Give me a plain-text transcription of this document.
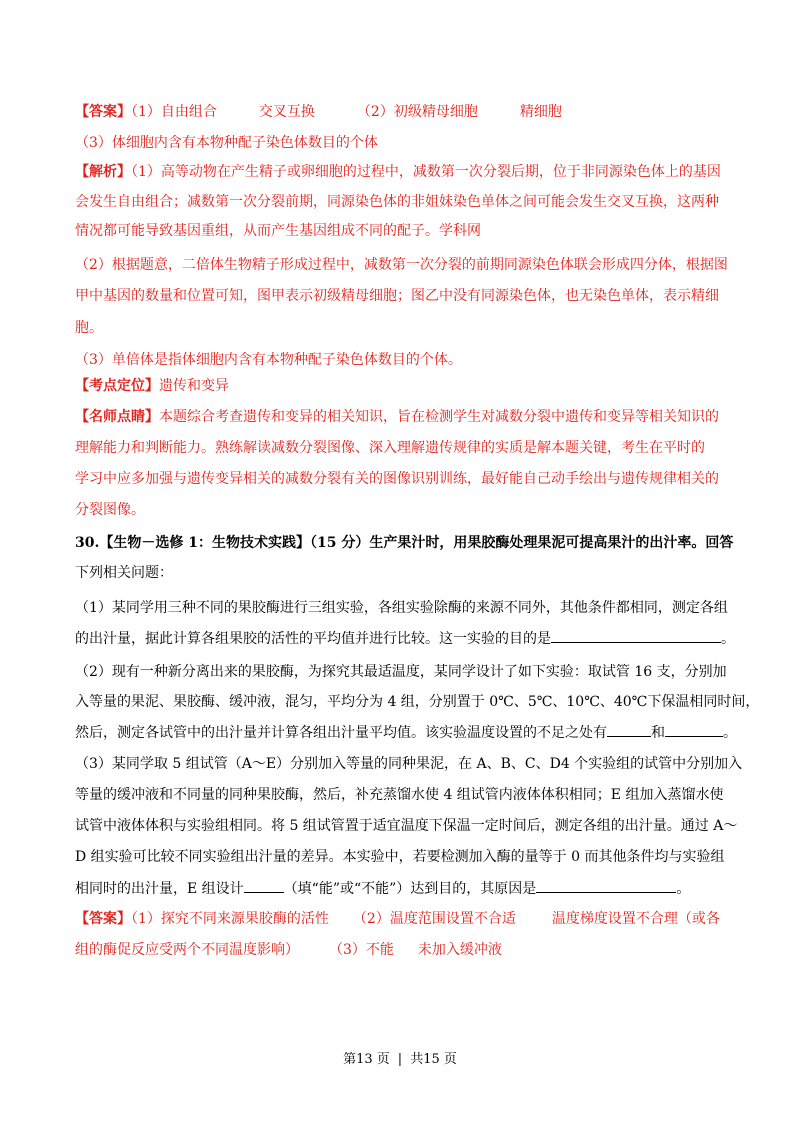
【答案】（1）自由组合	交叉互换	（2）初级精母细胞	精细胞
（3）体细胞内含有本物种配子染色体数目的个体
【解析】（1）高等动物在产生精子或卵细胞的过程中，减数第一次分裂后期，位于非同源染色体上的基因
会发生自由组合；减数第一次分裂前期，同源染色体的非姐妹染色单体之间可能会发生交叉互换，这两种
情况都可能导致基因重组，从而产生基因组成不同的配子。学科网
（2）根据题意，二倍体生物精子形成过程中，减数第一次分裂的前期同源染色体联会形成四分体，根据图
甲中基因的数量和位置可知，图甲表示初级精母细胞；图乙中没有同源染色体，也无染色单体，表示精细
胞。
（3）单倍体是指体细胞内含有本物种配子染色体数目的个体。
【考点定位】遗传和变异
【名师点睛】本题综合考查遗传和变异的相关知识，旨在检测学生对减数分裂中遗传和变异等相关知识的
理解能力和判断能力。熟练解读减数分裂图像、深入理解遗传规律的实质是解本题关键，考生在平时的
学习中应多加强与遗传变异相关的减数分裂有关的图像识别训练，最好能自己动手绘出与遗传规律相关的
分裂图像。
30.【生物－选修 1：生物技术实践】（15 分）生产果汁时，用果胶酶处理果泥可提高果汁的出汁率。回答
下列相关问题：
（1）某同学用三种不同的果胶酶进行三组实验，各组实验除酶的来源不同外，其他条件都相同，测定各组
的出汁量，据此计算各组果胶的活性的平均值并进行比较。这一实验的目的是	。
（2）现有一种新分离出来的果胶酶，为探究其最适温度，某同学设计了如下实验：取试管 16 支，分别加
入等量的果泥、果胶酶、缓冲液，混匀，平均分为 4 组，分别置于 0℃、5℃、10℃、40℃下保温相同时间，
然后，测定各试管中的出汁量并计算各组出汁量平均值。该实验温度设置的不足之处有	和	。
（3）某同学取 5 组试管（A～E）分别加入等量的同种果泥，在 A、B、C、D4 个实验组的试管中分别加入
等量的缓冲液和不同量的同种果胶酶，然后，补充蒸馏水使 4 组试管内液体体积相同；E 组加入蒸馏水使
试管中液体体积与实验组相同。将 5 组试管置于适宜温度下保温一定时间后，测定各组的出汁量。通过 A～
D 组实验可比较不同实验组出汁量的差异。本实验中，若要检测加入酶的量等于 0 而其他条件均与实验组
相同时的出汁量，E 组设计	（填“能”或“不能”）达到目的，其原因是	。
【答案】（1）探究不同来源果胶酶的活性 （2）温度范围设置不合适	温度梯度设置不合理（或各
组的酶促反应受两个不同温度影响） （3）不能 未加入缓冲液
第13 页 | 共15 页
